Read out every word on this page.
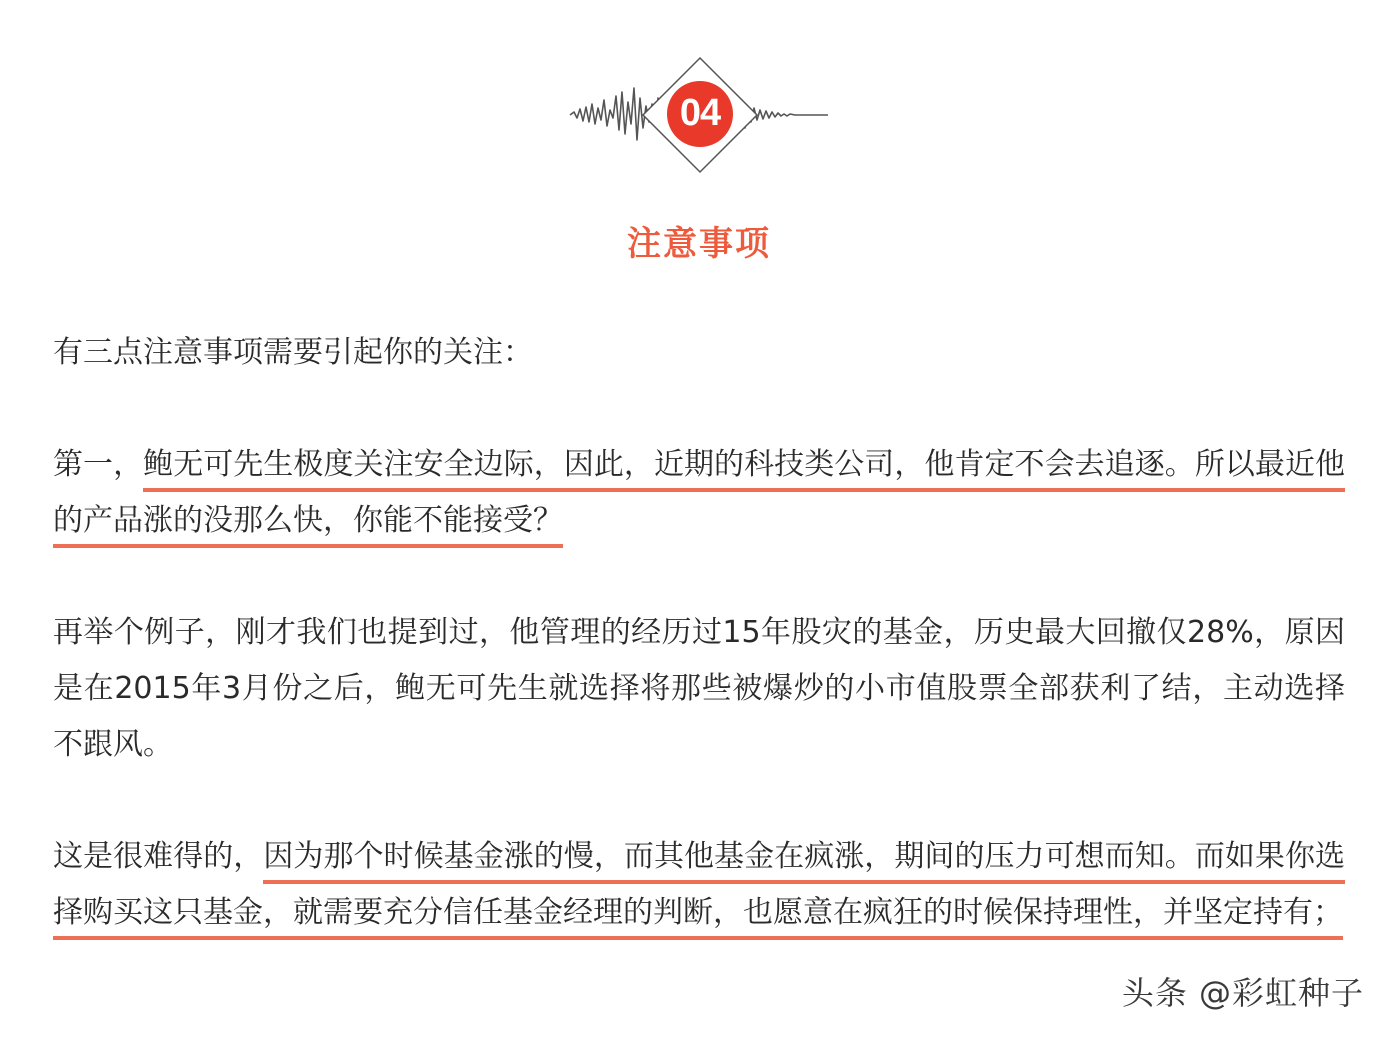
04
注意事项

有三点注意事项需要引起你的关注：

第一，鲍无可先生极度关注安全边际，因此，近期的科技类公司，他肯定不会去追逐。所以最近他的产品涨的没那么快，你能不能接受？

再举个例子，刚才我们也提到过，他管理的经历过15年股灾的基金，历史最大回撤仅28%，原因是在2015年3月份之后，鲍无可先生就选择将那些被爆炒的小市值股票全部获利了结，主动选择不跟风。

这是很难得的，因为那个时候基金涨的慢，而其他基金在疯涨，期间的压力可想而知。而如果你选择购买这只基金，就需要充分信任基金经理的判断，也愿意在疯狂的时候保持理性，并坚定持有；

头条 @彩虹种子
